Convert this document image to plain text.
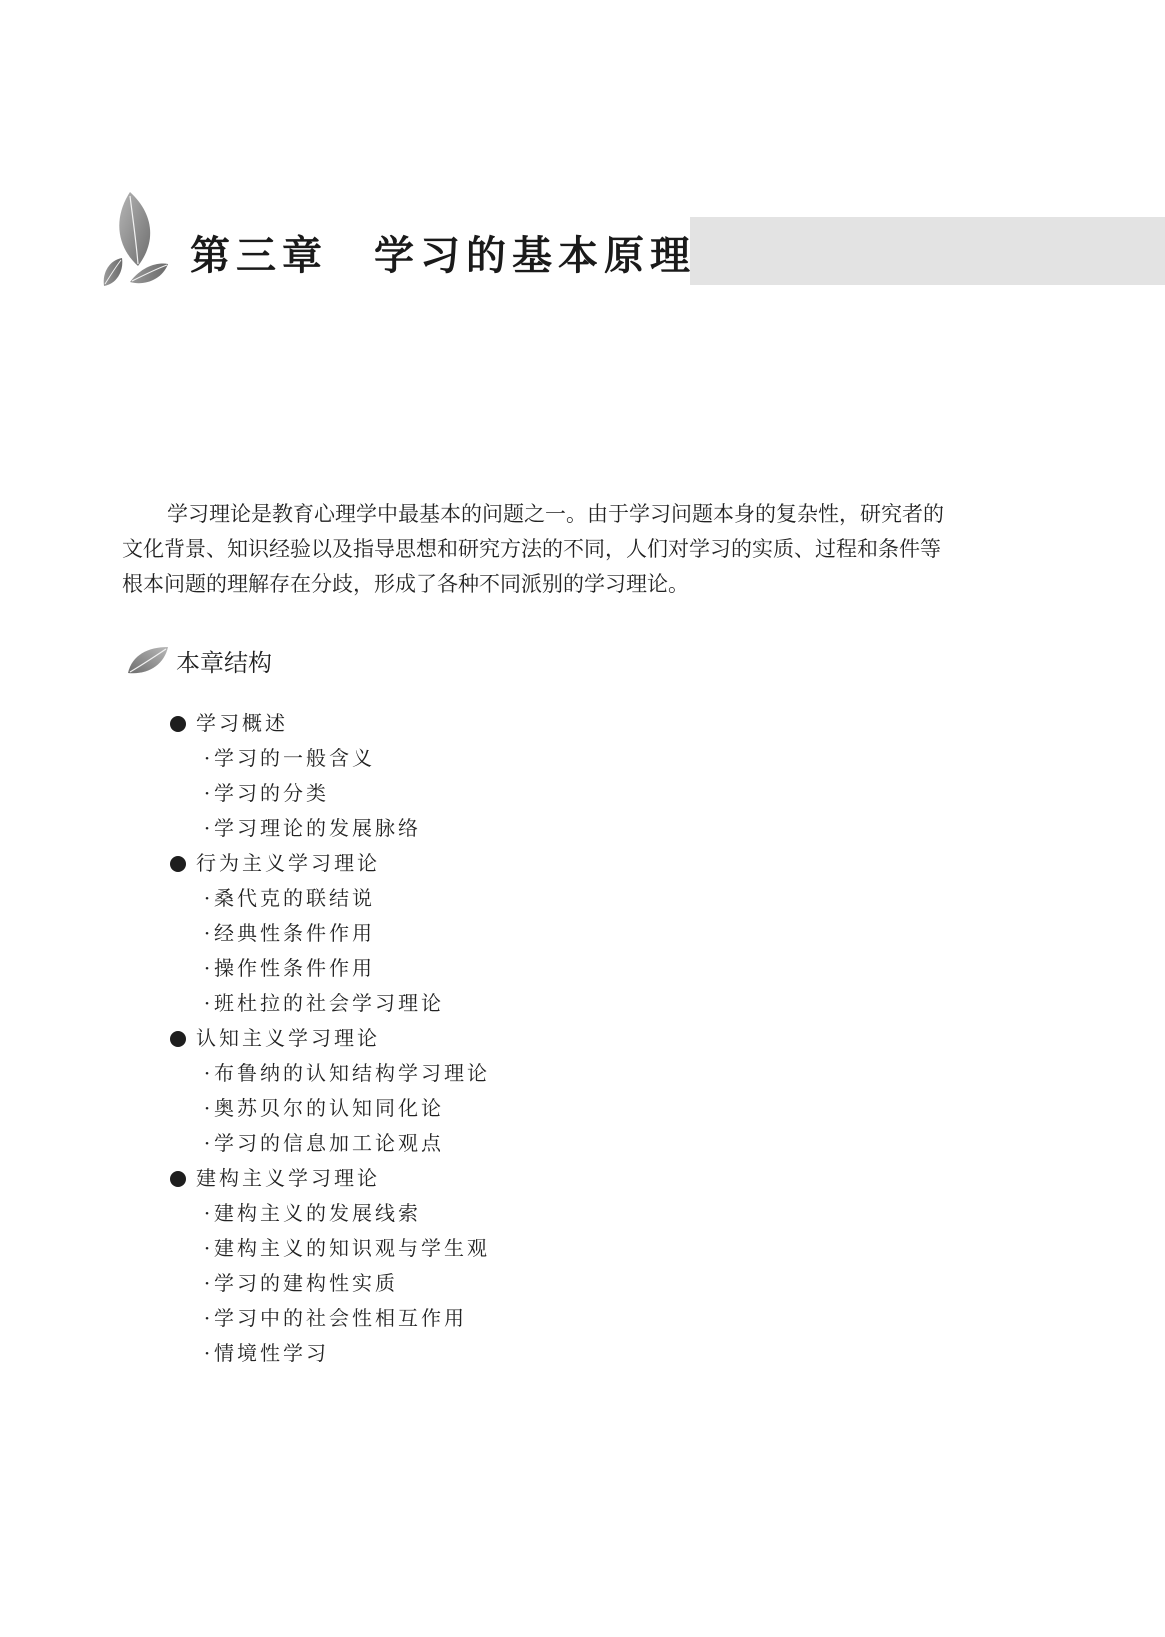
第三章 学习的基本原理

学习理论是教育心理学中最基本的问题之一。由于学习问题本身的复杂性，研究者的
文化背景、知识经验以及指导思想和研究方法的不同，人们对学习的实质、过程和条件等
根本问题的理解存在分歧，形成了各种不同派别的学习理论。

本章结构
学习概述
· 学习的一般含义
· 学习的分类
· 学习理论的发展脉络
行为主义学习理论
· 桑代克的联结说
· 经典性条件作用
· 操作性条件作用
· 班杜拉的社会学习理论
认知主义学习理论
· 布鲁纳的认知结构学习理论
· 奥苏贝尔的认知同化论
· 学习的信息加工论观点
建构主义学习理论
· 建构主义的发展线索
· 建构主义的知识观与学生观
· 学习的建构性实质
· 学习中的社会性相互作用
· 情境性学习
